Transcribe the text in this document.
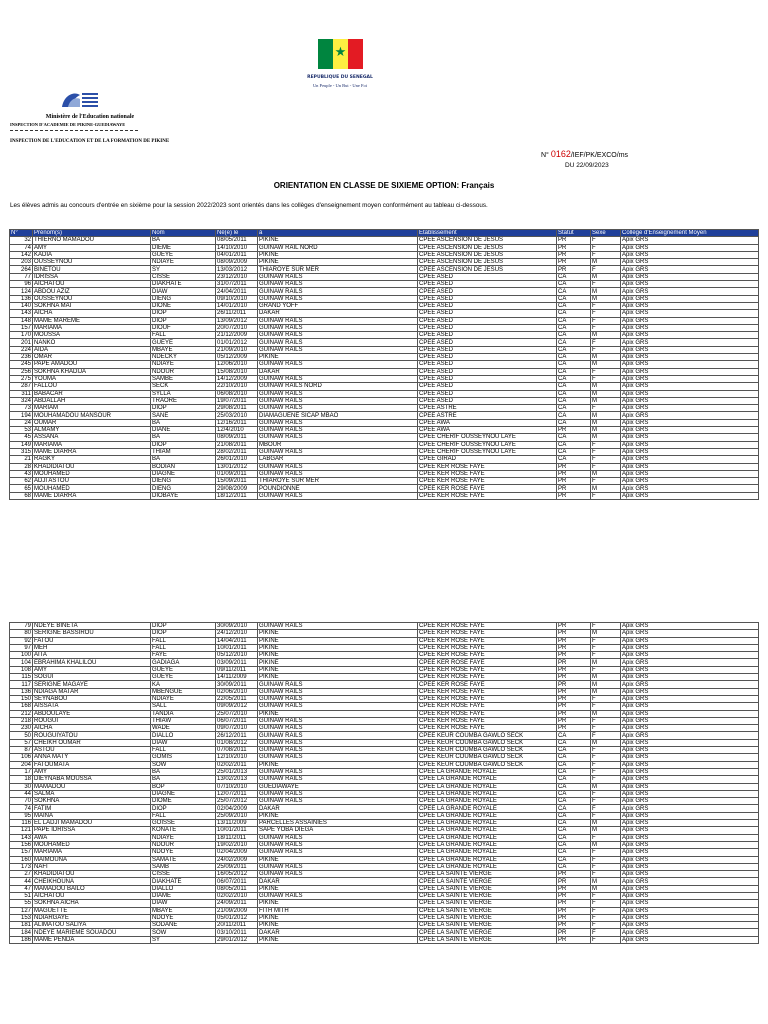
★
REPUBLIQUE DU SENEGAL
Un Peuple - Un But - Une Foi
Ministère de l'Education nationale
INSPECTION D'ACADEMIE DE PIKINE-GUEDIAWAYE
INSPECTION DE L'EDUCATION ET DE LA FORMATION DE PIKINE
N° 0162/IEF/PK/EXCO/ms
DU 22/09/2023
ORIENTATION EN CLASSE DE SIXIEME OPTION: Français
Les élèves admis au concours d'entrée en sixième pour la session 2022/2023 sont orientés dans les collèges d'enseignement moyen conformément au tableau ci-dessous.
N°	Prénom(s)	Nom	Né(e) le	à	Etablissement	Statut	Sexe	Collège d'Enseignement Moyen
32	THIERNO MAMADOU	BA	08/05/2011	PIKINE	CPEE ASCENSION DE JESUS	PR	F	Apix GRS
74	AMY	DIEME	14/10/2010	GUINAW RAIL NORD	CPEE ASCENSION DE JESUS	PR	F	Apix GRS
142	KADIA	GUEYE	04/01/2011	PIKINE	CPEE ASCENSION DE JESUS	PR	F	Apix GRS
203	OUSSEYNOU	NDIAYE	08/09/2009	PIKINE	CPEE ASCENSION DE JESUS	PR	M	Apix GRS
264	BINETOU	SY	13/03/2012	THIAROYE SUR MER	CPEE ASCENSION DE JESUS	PR	F	Apix GRS
77	IDRISSA	CISSE	23/12/2010	GUINAW RAILS	CPEE ASED	CA	M	Apix GRS
96	AICHATOU	DIAKHATE	31/07/2011	GUINAW RAILS	CPEE ASED	CA	F	Apix GRS
124	ABDOU AZIZ	DIAW	24/04/2011	GUINAW RAILS	CPEE ASED	CA	M	Apix GRS
136	OUSSEYNOU	DIENG	09/10/2010	GUINAW RAILS	CPEE ASED	CA	M	Apix GRS
140	SOKHNA MAI	DIONE	14/01/2010	GRAND YOFF	CPEE ASED	CA	F	Apix GRS
143	AICHA	DIOP	26/11/2011	DAKAR	CPEE ASED	CA	F	Apix GRS
148	MAME MAREME	DIOP	13/09/2012	GUINAW RAILS	CPEE ASED	CA	F	Apix GRS
157	MARIAMA	DIOUF	20/07/2010	GUINAW RAILS	CPEE ASED	CA	F	Apix GRS
170	MOUSSA	FALL	21/12/2009	GUINAW RAILS	CPEE ASED	CA	M	Apix GRS
201	NANKO	GUEYE	01/01/2012	GUINAW RAILS	CPEE ASED	CA	F	Apix GRS
224	AIDA	MBAYE	21/09/2010	GUINAW RAILS	CPEE ASED	CA	F	Apix GRS
236	OMAR	NDECKY	05/12/2009	PIKINE	CPEE ASED	CA	M	Apix GRS
245	PAPE AMADOU	NDIAYE	12/06/2010	GUINAW RAILS	CPEE ASED	CA	M	Apix GRS
256	SOKHNA KHADIJA	NDOUR	15/08/2010	DAKAR	CPEE ASED	CA	F	Apix GRS
275	YOUMA	SAMBE	14/12/2009	GUINAW RAILS	CPEE ASED	CA	F	Apix GRS
287	FALLOU	SECK	22/10/2010	GUINAW RAILS NORD	CPEE ASED	CA	M	Apix GRS
311	BABACAR	SYLLA	06/08/2010	GUINAW RAILS	CPEE ASED	CA	M	Apix GRS
324	ABDALLAH	TRAORE	19/07/2011	GUINAW RAILS	CPEE ASED	CA	M	Apix GRS
73	MARIAM	DIOP	29/08/2011	GUINAW RAILS	CPEE ASTRE	CA	F	Apix GRS
194	MOUHAMADOU MANSOUR	SANE	25/03/2010	DIAMAGUENE SICAP MBAO	CPEE ASTRE	CA	M	Apix GRS
24	OUMAR	BA	12/16/2011	GUINAW RAILS	CPEE AWA	CA	M	Apix GRS
53	ALMAMY	DIANE	12/4/2010	GUINAW RAILS	CPEE AWA	PR	M	Apix GRS
45	ASSANA	BA	08/09/2011	GUINAW RAILS	CPEE CHERIF OUSSEYNOU LAYE	CA	M	Apix GRS
149	MARIAMA	DIOP	21/08/2011	MBOUR	CPEE CHERIF OUSSEYNOU LAYE	CA	F	Apix GRS
315	MAME DIARRA	THIAM	28/02/2011	GUINAW RAILS	CPEE CHERIF OUSSEYNOU LAYE	CA	F	Apix GRS
21	RAGKY	BA	26/01/2010	LABGAR	CPEE GIRAD	CA	F	Apix GRS
28	KHADIDIATOU	BODIAN	13/01/2012	GUINAW RAILS	CPEE KER ROSE FAYE	PR	F	Apix GRS
43	MOUHAMED	DIAGNE	01/09/2011	GUINAW RAILS	CPEE KER ROSE FAYE	PR	M	Apix GRS
62	ADJI ASTOU	DIENG	15/09/2011	THIAROYE SUR MER	CPEE KER ROSE FAYE	PR	F	Apix GRS
65	MOUHAMED	DIENG	29/08/2009	POUNDIONNE	CPEE KER ROSE FAYE	PR	M	Apix GRS
68	MAME DIARRA	DIOBAYE	18/12/2011	GUINAW RAILS	CPEE KER ROSE FAYE	PR	F	Apix GRS
79	NDEYE BINETA	DIOP	30/09/2010	GUINAW RAILS	CPEE KER ROSE FAYE	PR	F	Apix GRS
80	SERIGNE BASSIROU	DIOP	24/12/2010	PIKINE	CPEE KER ROSE FAYE	PR	M	Apix GRS
92	FATOU	FALL	14/04/2011	PIKINE	CPEE KER ROSE FAYE	PR	F	Apix GRS
97	MEH	FALL	10/01/2011	PIKINE	CPEE KER ROSE FAYE	PR	F	Apix GRS
100	AITA	FAYE	05/12/2010	PIKINE	CPEE KER ROSE FAYE	PR	F	Apix GRS
104	EBRAHIMA KHALILOU	GADIAGA	03/09/2011	PIKINE	CPEE KER ROSE FAYE	PR	M	Apix GRS
108	AMY	GUEYE	09/11/2011	PIKINE	CPEE KER ROSE FAYE	PR	F	Apix GRS
115	SOGUI	GUEYE	14/11/2009	PIKINE	CPEE KER ROSE FAYE	PR	M	Apix GRS
117	SERIGNE MAGAYE	KA	30/09/2011	GUINAW RAILS	CPEE KER ROSE FAYE	PR	M	Apix GRS
136	NDIAGA MATAR	MBENGUE	02/06/2010	GUINAW RAILS	CPEE KER ROSE FAYE	PR	M	Apix GRS
150	SEYNABOU	NDIAYE	22/05/2011	GUINAW RAILS	CPEE KER ROSE FAYE	PR	F	Apix GRS
168	AISSATA	SALL	09/09/2012	GUINAW RAILS	CPEE KER ROSE FAYE	PR	F	Apix GRS
212	ABDOULAYE	TANDIA	25/07/2010	PIKINE	CPEE KER ROSE FAYE	PR	M	Apix GRS
218	ROUGUI	THIAW	06/07/2011	GUINAW RAILS	CPEE KER ROSE FAYE	PR	F	Apix GRS
230	AICHA	WADE	09/07/2010	GUINAW RAILS	CPEE KER ROSE FAYE	PR	F	Apix GRS
50	ROUGUIYATOU	DIALLO	26/12/2011	GUINAW RAILS	CPEE KEUR COUMBA GAWLO SECK	CA	F	Apix GRS
57	CHEIKH OUMAR	DIAW	01/08/2012	GUINAW RAILS	CPEE KEUR COUMBA GAWLO SECK	CA	M	Apix GRS
87	ASTOU	FALL	07/08/2011	GUINAW RAILS	CPEE KEUR COUMBA GAWLO SECK	CA	F	Apix GRS
106	ANNA MATY	GOMIS	12/10/2010	GUINAW RAILS	CPEE KEUR COUMBA GAWLO SECK	CA	F	Apix GRS
204	FATOUMATA	SOW	02/02/2011	PIKINE	CPEE KEUR COUMBA GAWLO SECK	CA	F	Apix GRS
17	AMY	BA	25/01/2013	GUINAW RAILS	CPEE LA GRANDE ROYALE	CA	F	Apix GRS
18	DIEYNABA MOUSSA	BA	13/02/2013	GUINAW RAILS	CPEE LA GRANDE ROYALE	CA	F	Apix GRS
30	MAMADOU	BOP	07/10/2010	GUEDIAWAYE	CPEE LA GRANDE ROYALE	CA	M	Apix GRS
44	SALMA	DIAGNE	12/07/2011	GUINAW RAILS	CPEE LA GRANDE ROYALE	CA	F	Apix GRS
70	SOKHNA	DIOME	25/07/2012	GUINAW RAILS	CPEE LA GRANDE ROYALE	CA	F	Apix GRS
74	FATIM	DIOP	02/04/2009	DAKAR	CPEE LA GRANDE ROYALE	CA	F	Apix GRS
95	MAINA	FALL	25/09/2010	PIKINE	CPEE LA GRANDE ROYALE	CA	F	Apix GRS
116	EL LADJI MAMADOU	GOISSE	13/11/2009	PARCELLES ASSAINIES	CPEE LA GRANDE ROYALE	CA	M	Apix GRS
121	PAPE IDRISSA	KONATE	10/01/2011	SAPE YOBA DIEGA	CPEE LA GRANDE ROYALE	CA	M	Apix GRS
143	AWA	NDIAYE	18/11/2011	GUINAW RAILS	CPEE LA GRANDE ROYALE	CA	F	Apix GRS
156	MOUHAMED	NDOUR	19/02/2010	GUINAW RAILS	CPEE LA GRANDE ROYALE	CA	M	Apix GRS
157	MARIAMA	NDOYE	02/04/2009	GUINAW RAILS	CPEE LA GRANDE ROYALE	CA	F	Apix GRS
160	MAIMOUNA	SAMATE	24/02/2009	PIKINE	CPEE LA GRANDE ROYALE	CA	F	Apix GRS
173	NAFI	SAMB	25/09/2011	GUINAW RAILS	CPEE LA GRANDE ROYALE	CA	F	Apix GRS
27	KHADIDIATOU	CISSE	16/05/2012	GUINAW RAILS	CPEE LA SAINTE VIERGE	PR	F	Apix GRS
44	CHEIKHOUNA	DIAKHATE	06/07/2011	DAKAR	CPEE LA SAINTE VIERGE	PR	M	Apix GRS
47	MAMADOU BAILO	DIALLO	08/05/2011	PIKINE	CPEE LA SAINTE VIERGE	PR	M	Apix GRS
51	AICHATOU	DIAME	02/02/2010	GUINAW RAILS	CPEE LA SAINTE VIERGE	PR	F	Apix GRS
55	SOKHNA AICHA	DIAW	24/09/2011	PIKINE	CPEE LA SAINTE VIERGE	PR	F	Apix GRS
127	MAGUETTE	MBAYE	21/09/2009	FITH MITH	CPEE LA SAINTE VIERGE	PR	F	Apix GRS
153	NDIARGAYE	NDOYE	05/01/2012	PIKINE	CPEE LA SAINTE VIERGE	PR	F	Apix GRS
181	ALIMATOU SALIYA	SODANE	20/11/2011	PIKINE	CPEE LA SAINTE VIERGE	PR	F	Apix GRS
184	NDEYE MARIEME SOUADOU	SOW	03/10/2011	DAKAR	CPEE LA SAINTE VIERGE	PR	F	Apix GRS
186	MAME PENDA	SY	29/01/2012	PIKINE	CPEE LA SAINTE VIERGE	PR	F	Apix GRS
